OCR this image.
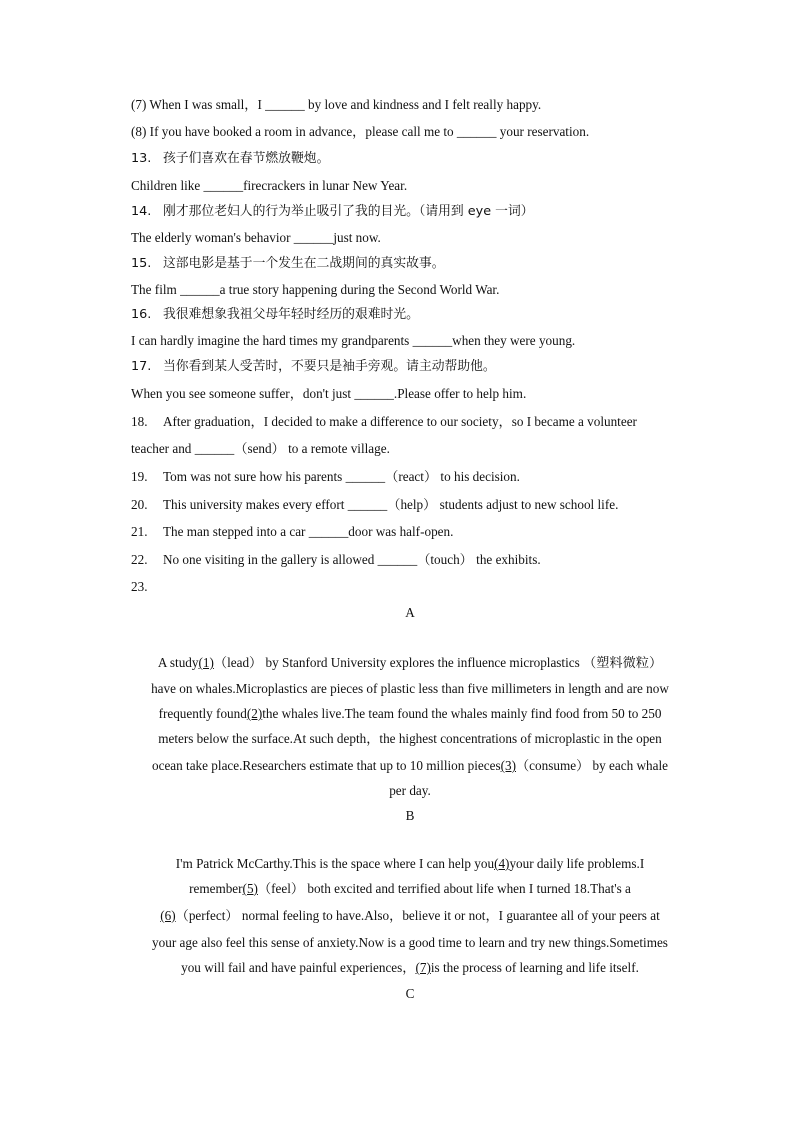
(7) When I was small，I ______ by love and kindness and I felt really happy.
(8) If you have booked a room in advance，please call me to ______ your reservation.
13. 孩子们喜欢在春节燃放鞭炮。
Children like ______firecrackers in lunar New Year.
14. 刚才那位老妇人的行为举止吸引了我的目光。（请用到 eye 一词）
The elderly woman's behavior ______just now.
15. 这部电影是基于一个发生在二战期间的真实故事。
The film ______a true story happening during the Second World War.
16. 我很难想象我祖父母年轻时经历的艰难时光。
I can hardly imagine the hard times my grandparents ______when they were young.
17. 当你看到某人受苦时，不要只是袖手旁观。请主动帮助他。
When you see someone suffer，don't just ______.Please offer to help him.
18. After graduation，I decided to make a difference to our society，so I became a volunteer
teacher and ______（send） to a remote village.
19. Tom was not sure how his parents ______（react） to his decision.
20. This university makes every effort ______（help） students adjust to new school life.
21. The man stepped into a car ______door was half-open.
22. No one visiting in the gallery is allowed ______（touch） the exhibits.
23.
A
A study(1)（lead） by Stanford University explores the influence microplastics （塑料微粒）
have on whales.Microplastics are pieces of plastic less than five millimeters in length and are now
frequently found(2)the whales live.The team found the whales mainly find food from 50 to 250
meters below the surface.At such depth，the highest concentrations of microplastic in the open
ocean take place.Researchers estimate that up to 10 million pieces(3)（consume） by each whale
per day.
B
I'm Patrick McCarthy.This is the space where I can help you(4)your daily life problems.I
remember(5)（feel） both excited and terrified about life when I turned 18.That's a
(6)（perfect） normal feeling to have.Also，believe it or not，I guarantee all of your peers at
your age also feel this sense of anxiety.Now is a good time to learn and try new things.Sometimes
you will fail and have painful experiences，(7)is the process of learning and life itself.
C
